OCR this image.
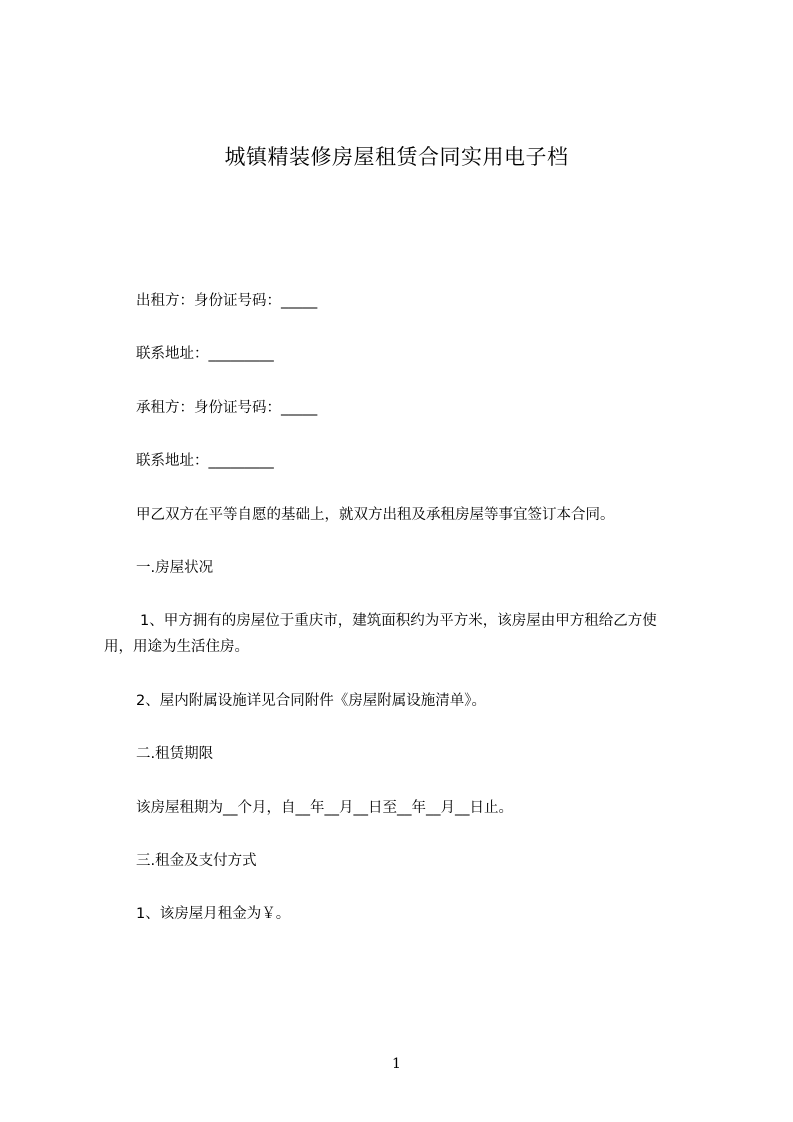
城镇精装修房屋租赁合同实用电子档
出租方：身份证号码：_____
联系地址：_________
承租方：身份证号码：_____
联系地址：_________
甲乙双方在平等自愿的基础上，就双方出租及承租房屋等事宜签订本合同。
一.房屋状况
1、甲方拥有的房屋位于重庆市，建筑面积约为平方米，该房屋由甲方租给乙方使
用，用途为生活住房。
2、屋内附属设施详见合同附件《房屋附属设施清单》。
二.租赁期限
该房屋租期为__个月，自__年__月__日至__年__月__日止。
三.租金及支付方式
1、该房屋月租金为￥。
1
